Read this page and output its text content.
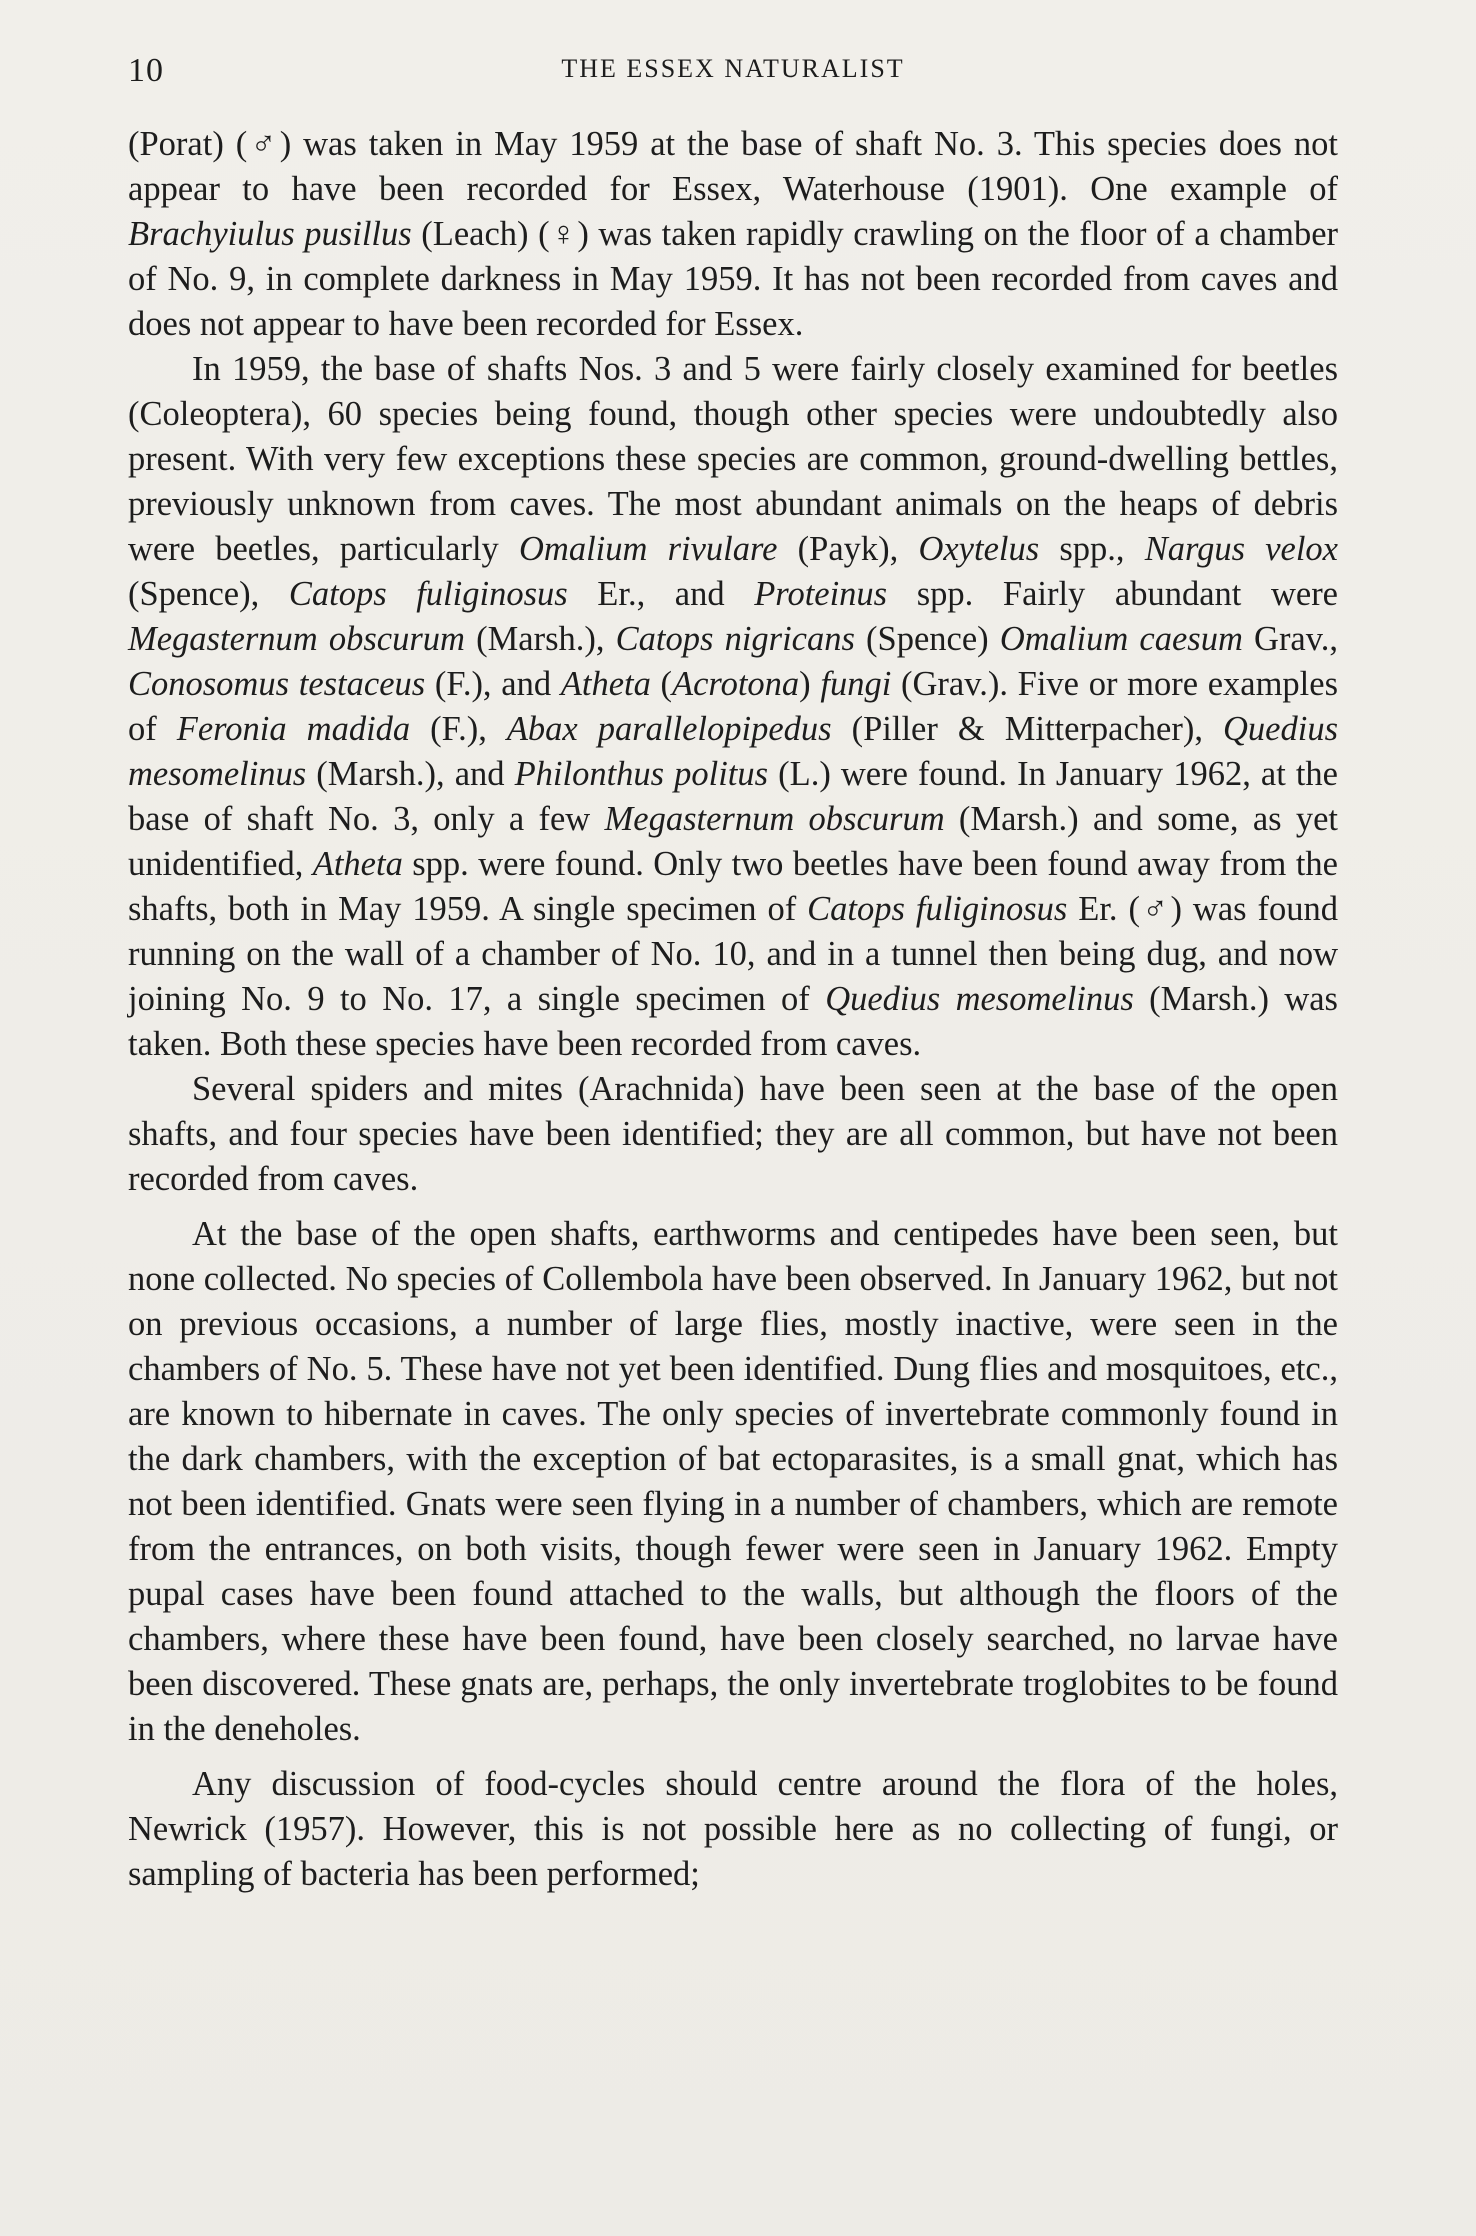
10	THE ESSEX NATURALIST

(Porat) (♂) was taken in May 1959 at the base of shaft No. 3. This species does not appear to have been recorded for Essex, Waterhouse (1901). One example of Brachyiulus pusillus (Leach) (♀) was taken rapidly crawling on the floor of a chamber of No. 9, in complete darkness in May 1959. It has not been recorded from caves and does not appear to have been recorded for Essex.

In 1959, the base of shafts Nos. 3 and 5 were fairly closely examined for beetles (Coleoptera), 60 species being found, though other species were undoubtedly also present. With very few exceptions these species are common, ground-dwelling bettles, previously unknown from caves. The most abundant animals on the heaps of debris were beetles, particularly Omalium rivulare (Payk), Oxytelus spp., Nargus velox (Spence), Catops fuliginosus Er., and Proteinus spp. Fairly abundant were Megasternum obscurum (Marsh.), Catops nigricans (Spence) Omalium caesum Grav., Conosomus testaceus (F.), and Atheta (Acrotona) fungi (Grav.). Five or more examples of Feronia madida (F.), Abax parallelopipedus (Piller & Mitterpacher), Quedius mesomelinus (Marsh.), and Philonthus politus (L.) were found. In January 1962, at the base of shaft No. 3, only a few Megasternum obscurum (Marsh.) and some, as yet unidentified, Atheta spp. were found. Only two beetles have been found away from the shafts, both in May 1959. A single specimen of Catops fuliginosus Er. (♂) was found running on the wall of a chamber of No. 10, and in a tunnel then being dug, and now joining No. 9 to No. 17, a single specimen of Quedius mesomelinus (Marsh.) was taken. Both these species have been recorded from caves.

Several spiders and mites (Arachnida) have been seen at the base of the open shafts, and four species have been identified; they are all common, but have not been recorded from caves.

At the base of the open shafts, earthworms and centipedes have been seen, but none collected. No species of Collembola have been observed. In January 1962, but not on previous occasions, a number of large flies, mostly inactive, were seen in the chambers of No. 5. These have not yet been identified. Dung flies and mosquitoes, etc., are known to hibernate in caves. The only species of invertebrate commonly found in the dark chambers, with the exception of bat ectoparasites, is a small gnat, which has not been identified. Gnats were seen flying in a number of chambers, which are remote from the entrances, on both visits, though fewer were seen in January 1962. Empty pupal cases have been found attached to the walls, but although the floors of the chambers, where these have been found, have been closely searched, no larvae have been discovered. These gnats are, perhaps, the only invertebrate troglobites to be found in the deneholes.

Any discussion of food-cycles should centre around the flora of the holes, Newrick (1957). However, this is not possible here as no collecting of fungi, or sampling of bacteria has been performed;
